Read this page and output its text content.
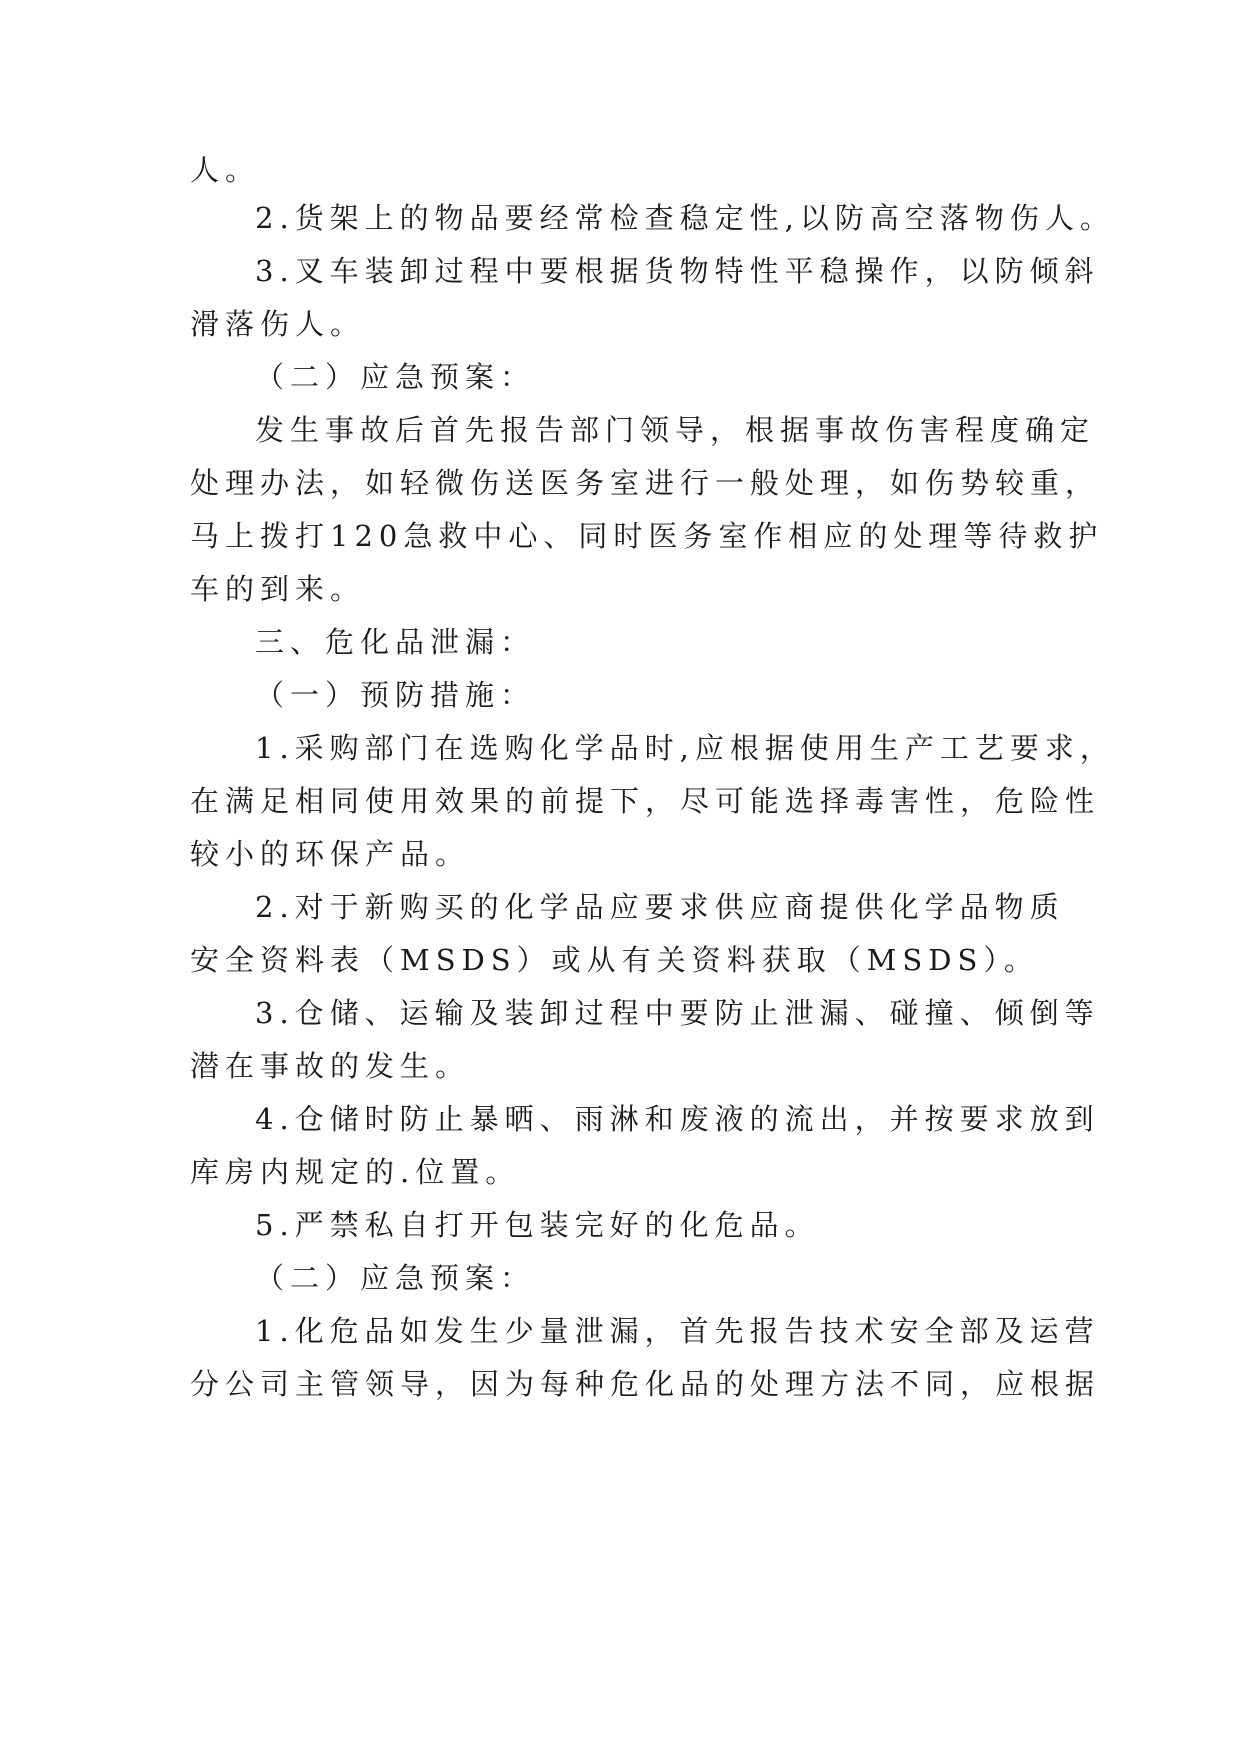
人。
2.货架上的物品要经常检查稳定性,以防高空落物伤人。
3.叉车装卸过程中要根据货物特性平稳操作，以防倾斜
滑落伤人。
（二）应急预案：
发生事故后首先报告部门领导，根据事故伤害程度确定
处理办法，如轻微伤送医务室进行一般处理，如伤势较重，
马上拨打120急救中心、同时医务室作相应的处理等待救护
车的到来。
三、危化品泄漏：
（一）预防措施：
1.采购部门在选购化学品时,应根据使用生产工艺要求，
在满足相同使用效果的前提下，尽可能选择毒害性，危险性
较小的环保产品。
2.对于新购买的化学品应要求供应商提供化学品物质
安全资料表（MSDS）或从有关资料获取（MSDS）。
3.仓储、运输及装卸过程中要防止泄漏、碰撞、倾倒等
潜在事故的发生。
4.仓储时防止暴晒、雨淋和废液的流出，并按要求放到
库房内规定的.位置。
5.严禁私自打开包装完好的化危品。
（二）应急预案：
1.化危品如发生少量泄漏，首先报告技术安全部及运营
分公司主管领导，因为每种危化品的处理方法不同，应根据
